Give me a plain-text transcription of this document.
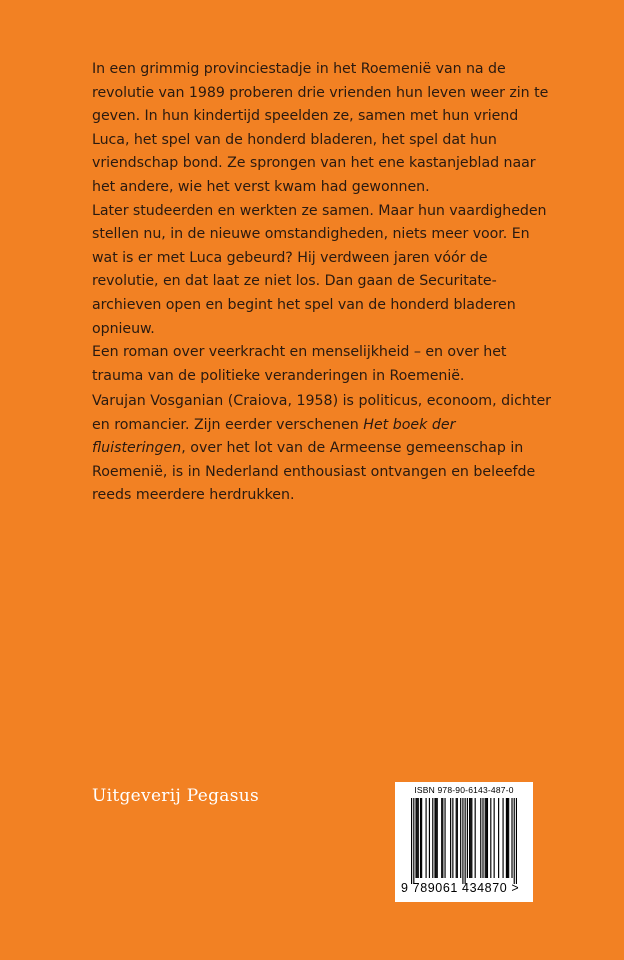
In een grimmig provinciestadje in het Roemenië van na de revolutie van 1989 proberen drie vrienden hun leven weer zin te geven. In hun kindertijd speelden ze, samen met hun vriend Luca, het spel van de honderd bladeren, het spel dat hun vriendschap bond. Ze sprongen van het ene kastanjeblad naar het andere, wie het verst kwam had gewonnen.

Later studeerden en werkten ze samen. Maar hun vaardigheden stellen nu, in de nieuwe omstandigheden, niets meer voor. En wat is er met Luca gebeurd? Hij verdween jaren vóór de revolutie, en dat laat ze niet los. Dan gaan de Securitate-archieven open en begint het spel van de honderd bladeren opnieuw.

Een roman over veerkracht en menselijkheid – en over het trauma van de politieke veranderingen in Roemenië.

Varujan Vosganian (Craiova, 1958) is politicus, econoom, dichter en romancier. Zijn eerder verschenen Het boek der fluisteringen, over het lot van de Armeense gemeenschap in Roemenië, is in Nederland enthousiast ontvangen en beleefde reeds meerdere herdrukken.

Uitgeverij Pegasus	ISBN 978-90-6143-487-0
9 789061 434870 >
